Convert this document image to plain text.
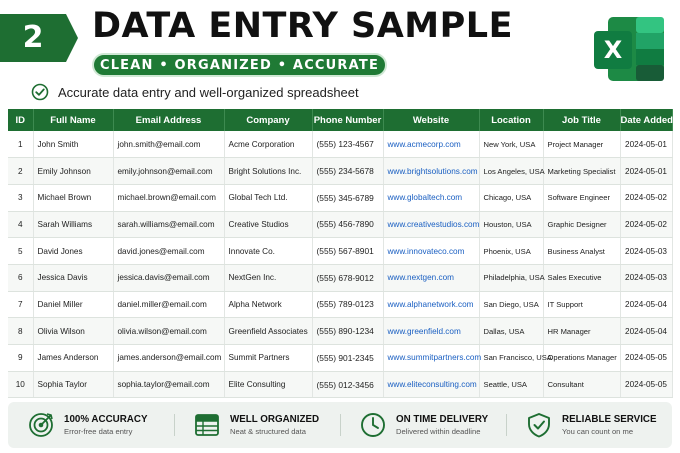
2	DATA ENTRY SAMPLE
CLEAN • ORGANIZED • ACCURATE
X
Accurate data entry and well-organized spreadsheet
ID	Full Name	Email Address	Company	Phone Number	Website	Location	Job Title	Date Added
1	John Smith	john.smith@email.com	Acme Corporation	(555) 123-4567	www.acmecorp.com	New York, USA	Project Manager	2024-05-01
2	Emily Johnson	emily.johnson@email.com	Bright Solutions Inc.	(555) 234-5678	www.brightsolutions.com	Los Angeles, USA	Marketing Specialist	2024-05-01
3	Michael Brown	michael.brown@email.com	Global Tech Ltd.	(555) 345-6789	www.globaltech.com	Chicago, USA	Software Engineer	2024-05-02
4	Sarah Williams	sarah.williams@email.com	Creative Studios	(555) 456-7890	www.creativestudios.com	Houston, USA	Graphic Designer	2024-05-02
5	David Jones	david.jones@email.com	Innovate Co.	(555) 567-8901	www.innovateco.com	Phoenix, USA	Business Analyst	2024-05-03
6	Jessica Davis	jessica.davis@email.com	NextGen Inc.	(555) 678-9012	www.nextgen.com	Philadelphia, USA	Sales Executive	2024-05-03
7	Daniel Miller	daniel.miller@email.com	Alpha Network	(555) 789-0123	www.alphanetwork.com	San Diego, USA	IT Support	2024-05-04
8	Olivia Wilson	olivia.wilson@email.com	Greenfield Associates	(555) 890-1234	www.greenfield.com	Dallas, USA	HR Manager	2024-05-04
9	James Anderson	james.anderson@email.com	Summit Partners	(555) 901-2345	www.summitpartners.com	San Francisco, USA	Operations Manager	2024-05-05
10	Sophia Taylor	sophia.taylor@email.com	Elite Consulting	(555) 012-3456	www.eliteconsulting.com	Seattle, USA	Consultant	2024-05-05
100% ACCURACY
Error-free data entry
WELL ORGANIZED
Neat & structured data
ON TIME DELIVERY
Delivered within deadline
RELIABLE SERVICE
You can count on me
